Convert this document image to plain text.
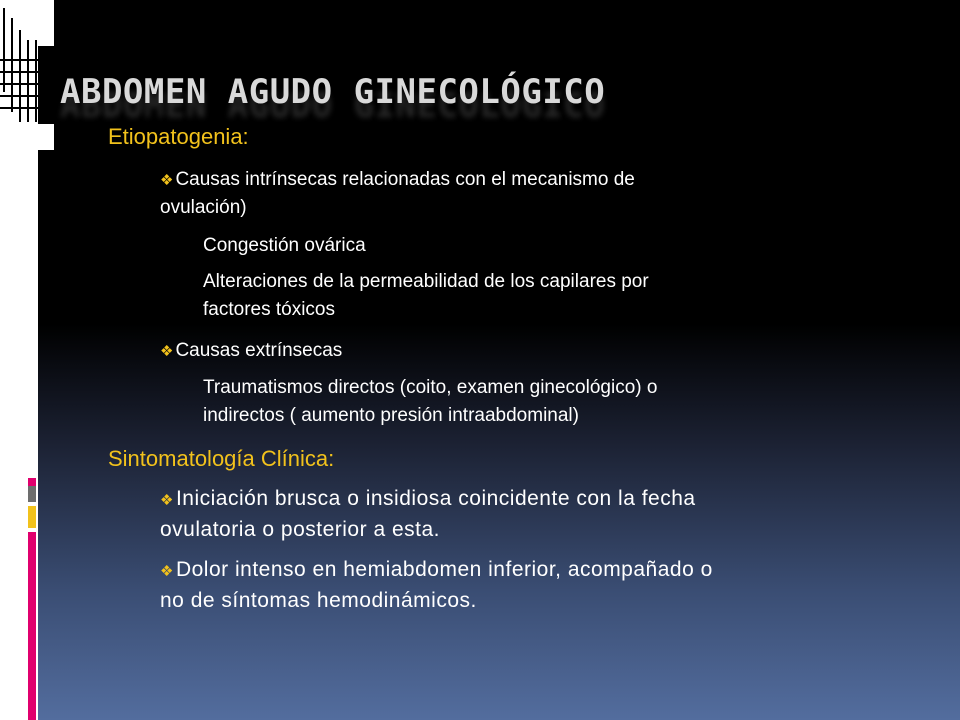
ABDOMEN AGUDO GINECOLÓGICO
Etiopatogenia:
❖ Causas intrínsecas relacionadas con el mecanismo de
ovulación)
Congestión ovárica
Alteraciones de la permeabilidad de los capilares por
factores tóxicos
❖ Causas extrínsecas
Traumatismos directos (coito, examen ginecológico) o
indirectos ( aumento presión intraabdominal)
Sintomatología Clínica:
❖Iniciación brusca o insidiosa coincidente con la fecha
ovulatoria o posterior a esta.
❖Dolor intenso en hemiabdomen inferior, acompañado o
no de síntomas hemodinámicos.
